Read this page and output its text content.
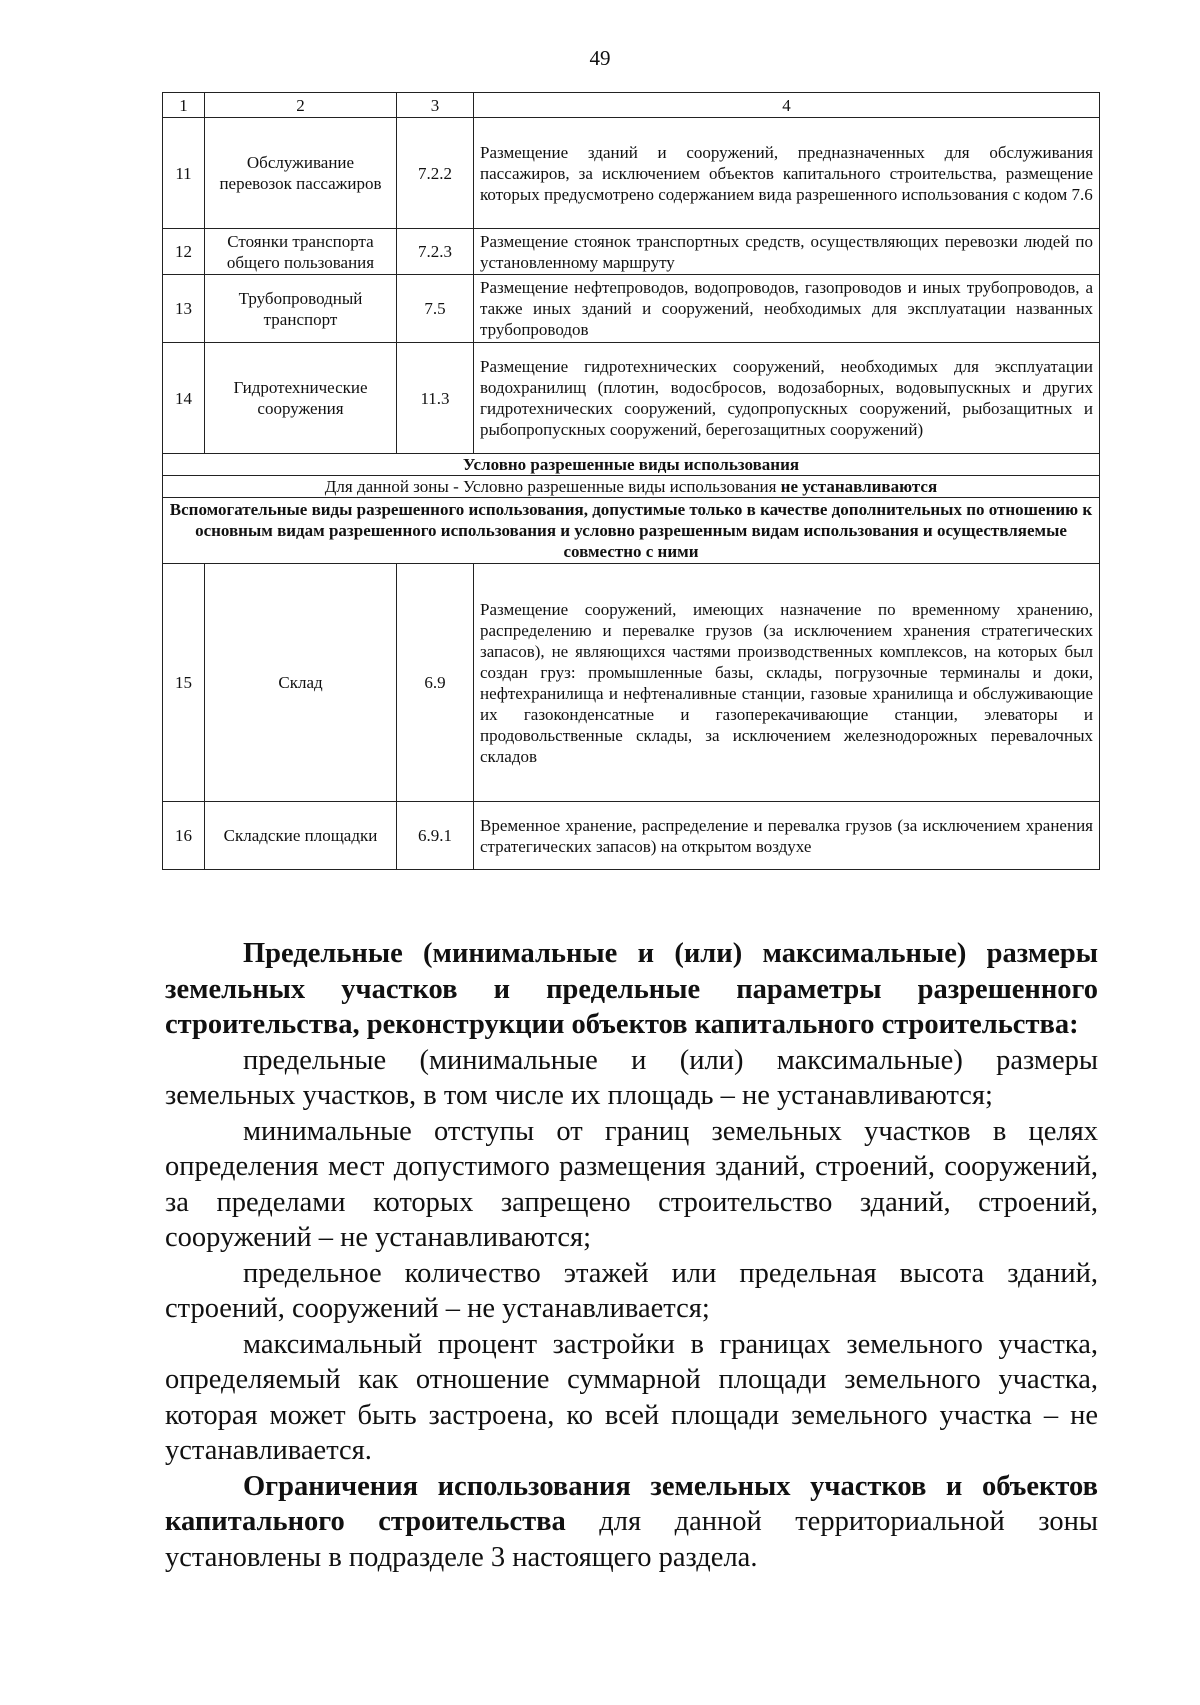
49
1	2	3	4
11	Обслуживание перевозок пассажиров	7.2.2	Размещение зданий и сооружений, предназначенных для обслуживания пассажиров, за исключением объектов капитального строительства, размещение которых предусмотрено содержанием вида разрешенного использования с кодом 7.6
12	Стоянки транспорта общего пользования	7.2.3	Размещение стоянок транспортных средств, осуществляющих перевозки людей по установленному маршруту
13	Трубопроводный транспорт	7.5	Размещение нефтепроводов, водопроводов, газопроводов и иных трубопроводов, а также иных зданий и сооружений, необходимых для эксплуатации названных трубопроводов
14	Гидротехнические сооружения	11.3	Размещение гидротехнических сооружений, необходимых для эксплуатации водохранилищ (плотин, водосбросов, водозаборных, водовыпускных и других гидротехнических сооружений, судопропускных сооружений, рыбозащитных и рыбопропускных сооружений, берегозащитных сооружений)
Условно разрешенные виды использования			
Для данной зоны - Условно разрешенные виды использования не устанавливаются			
Вспомогательные виды разрешенного использования, допустимые только в качестве дополнительных по отношению к основным видам разрешенного использования и условно разрешенным видам использования и осуществляемые совместно с ними			
15	Склад	6.9	Размещение сооружений, имеющих назначение по временному хранению, распределению и перевалке грузов (за исключением хранения стратегических запасов), не являющихся частями производственных комплексов, на которых был создан груз: промышленные базы, склады, погрузочные терминалы и доки, нефтехранилища и нефтеналивные станции, газовые хранилища и обслуживающие их газоконденсатные и газоперекачивающие станции, элеваторы и продовольственные склады, за исключением железнодорожных перевалочных складов
16	Складские площадки	6.9.1	Временное хранение, распределение и перевалка грузов (за исключением хранения стратегических запасов) на открытом воздухе

Предельные (минимальные и (или) максимальные) размеры земельных участков и предельные параметры разрешенного строительства, реконструкции объектов капитального строительства:

предельные (минимальные и (или) максимальные) размеры земельных участков, в том числе их площадь – не устанавливаются;

минимальные отступы от границ земельных участков в целях определения мест допустимого размещения зданий, строений, сооружений, за пределами которых запрещено строительство зданий, строений, сооружений – не устанавливаются;

предельное количество этажей или предельная высота зданий, строений, сооружений – не устанавливается;

максимальный процент застройки в границах земельного участка, определяемый как отношение суммарной площади земельного участка, которая может быть застроена, ко всей площади земельного участка – не устанавливается.

Ограничения использования земельных участков и объектов капитального строительства для данной территориальной зоны установлены в подразделе 3 настоящего раздела.
